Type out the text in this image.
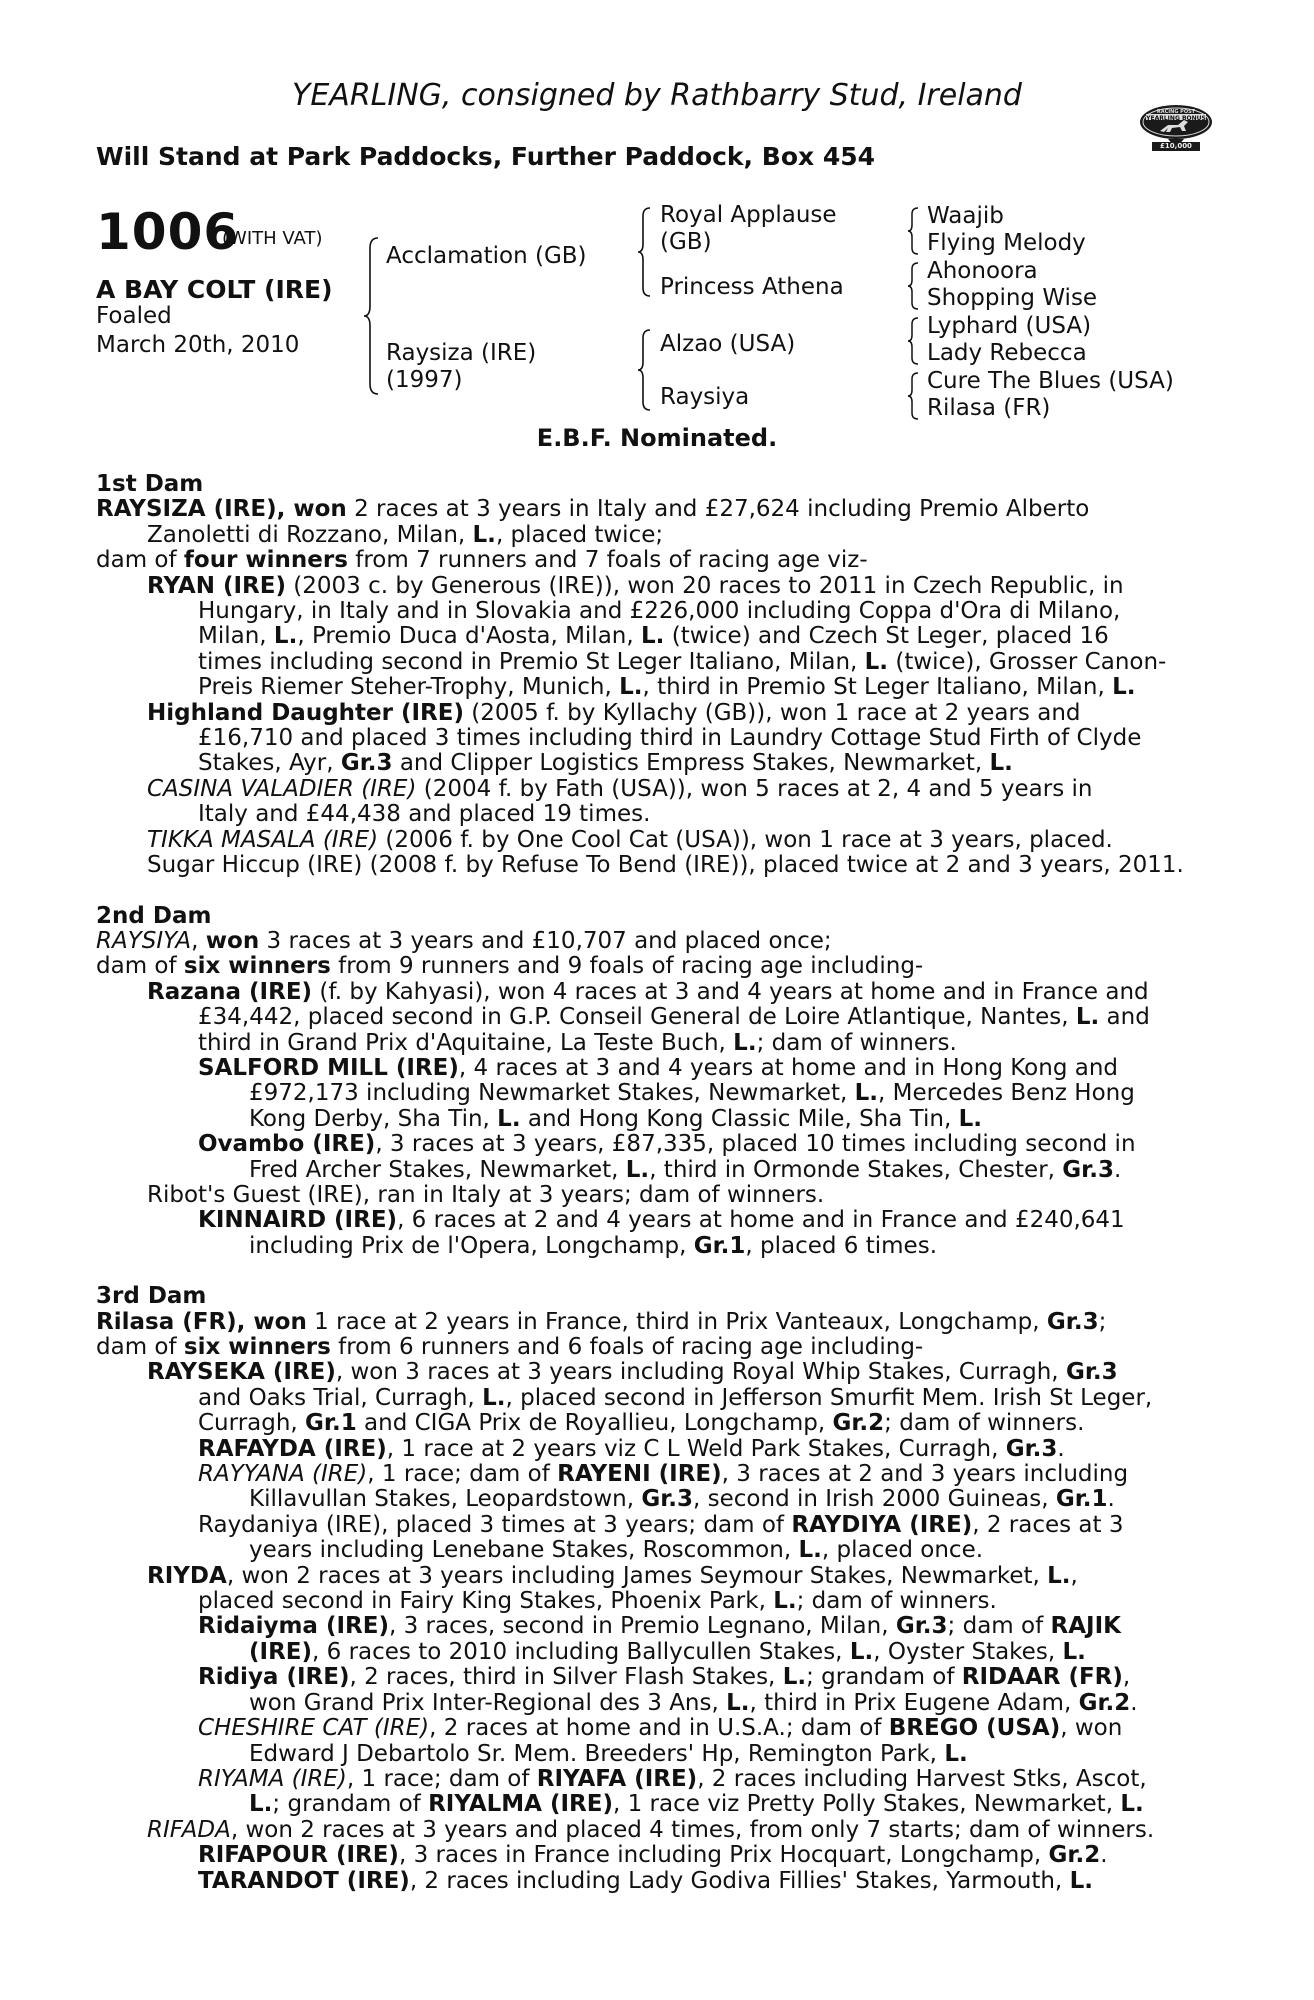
YEARLING, consigned by Rathbarry Stud, Ireland
Will Stand at Park Paddocks, Further Paddock, Box 454
RACING POST
YEARLING BONUS
£10,000
1006
(WITH VAT)
A BAY COLT (IRE)
Foaled
March 20th, 2010
Acclamation (GB)
Raysiza (IRE)
(1997)
Royal Applause
(GB)
Princess Athena
Alzao (USA)
Raysiya
Waajib
Flying Melody
Ahonoora
Shopping Wise
Lyphard (USA)
Lady Rebecca
Cure The Blues (USA)
Rilasa (FR)
E.B.F. Nominated.
1st Dam
RAYSIZA (IRE), won 2 races at 3 years in Italy and £27,624 including Premio Alberto
Zanoletti di Rozzano, Milan, L., placed twice;
dam of four winners from 7 runners and 7 foals of racing age viz-
RYAN (IRE) (2003 c. by Generous (IRE)), won 20 races to 2011 in Czech Republic, in
Hungary, in Italy and in Slovakia and £226,000 including Coppa d'Ora di Milano,
Milan, L., Premio Duca d'Aosta, Milan, L. (twice) and Czech St Leger, placed 16
times including second in Premio St Leger Italiano, Milan, L. (twice), Grosser Canon-
Preis Riemer Steher-Trophy, Munich, L., third in Premio St Leger Italiano, Milan, L.
Highland Daughter (IRE) (2005 f. by Kyllachy (GB)), won 1 race at 2 years and
£16,710 and placed 3 times including third in Laundry Cottage Stud Firth of Clyde
Stakes, Ayr, Gr.3 and Clipper Logistics Empress Stakes, Newmarket, L.
CASINA VALADIER (IRE) (2004 f. by Fath (USA)), won 5 races at 2, 4 and 5 years in
Italy and £44,438 and placed 19 times.
TIKKA MASALA (IRE) (2006 f. by One Cool Cat (USA)), won 1 race at 3 years, placed.
Sugar Hiccup (IRE) (2008 f. by Refuse To Bend (IRE)), placed twice at 2 and 3 years, 2011.
2nd Dam
RAYSIYA, won 3 races at 3 years and £10,707 and placed once;
dam of six winners from 9 runners and 9 foals of racing age including-
Razana (IRE) (f. by Kahyasi), won 4 races at 3 and 4 years at home and in France and
£34,442, placed second in G.P. Conseil General de Loire Atlantique, Nantes, L. and
third in Grand Prix d'Aquitaine, La Teste Buch, L.; dam of winners.
SALFORD MILL (IRE), 4 races at 3 and 4 years at home and in Hong Kong and
£972,173 including Newmarket Stakes, Newmarket, L., Mercedes Benz Hong
Kong Derby, Sha Tin, L. and Hong Kong Classic Mile, Sha Tin, L.
Ovambo (IRE), 3 races at 3 years, £87,335, placed 10 times including second in
Fred Archer Stakes, Newmarket, L., third in Ormonde Stakes, Chester, Gr.3.
Ribot's Guest (IRE), ran in Italy at 3 years; dam of winners.
KINNAIRD (IRE), 6 races at 2 and 4 years at home and in France and £240,641
including Prix de l'Opera, Longchamp, Gr.1, placed 6 times.
3rd Dam
Rilasa (FR), won 1 race at 2 years in France, third in Prix Vanteaux, Longchamp, Gr.3;
dam of six winners from 6 runners and 6 foals of racing age including-
RAYSEKA (IRE), won 3 races at 3 years including Royal Whip Stakes, Curragh, Gr.3
and Oaks Trial, Curragh, L., placed second in Jefferson Smurfit Mem. Irish St Leger,
Curragh, Gr.1 and CIGA Prix de Royallieu, Longchamp, Gr.2; dam of winners.
RAFAYDA (IRE), 1 race at 2 years viz C L Weld Park Stakes, Curragh, Gr.3.
RAYYANA (IRE), 1 race; dam of RAYENI (IRE), 3 races at 2 and 3 years including
Killavullan Stakes, Leopardstown, Gr.3, second in Irish 2000 Guineas, Gr.1.
Raydaniya (IRE), placed 3 times at 3 years; dam of RAYDIYA (IRE), 2 races at 3
years including Lenebane Stakes, Roscommon, L., placed once.
RIYDA, won 2 races at 3 years including James Seymour Stakes, Newmarket, L.,
placed second in Fairy King Stakes, Phoenix Park, L.; dam of winners.
Ridaiyma (IRE), 3 races, second in Premio Legnano, Milan, Gr.3; dam of RAJIK
(IRE), 6 races to 2010 including Ballycullen Stakes, L., Oyster Stakes, L.
Ridiya (IRE), 2 races, third in Silver Flash Stakes, L.; grandam of RIDAAR (FR),
won Grand Prix Inter-Regional des 3 Ans, L., third in Prix Eugene Adam, Gr.2.
CHESHIRE CAT (IRE), 2 races at home and in U.S.A.; dam of BREGO (USA), won
Edward J Debartolo Sr. Mem. Breeders' Hp, Remington Park, L.
RIYAMA (IRE), 1 race; dam of RIYAFA (IRE), 2 races including Harvest Stks, Ascot,
L.; grandam of RIYALMA (IRE), 1 race viz Pretty Polly Stakes, Newmarket, L.
RIFADA, won 2 races at 3 years and placed 4 times, from only 7 starts; dam of winners.
RIFAPOUR (IRE), 3 races in France including Prix Hocquart, Longchamp, Gr.2.
TARANDOT (IRE), 2 races including Lady Godiva Fillies' Stakes, Yarmouth, L.
